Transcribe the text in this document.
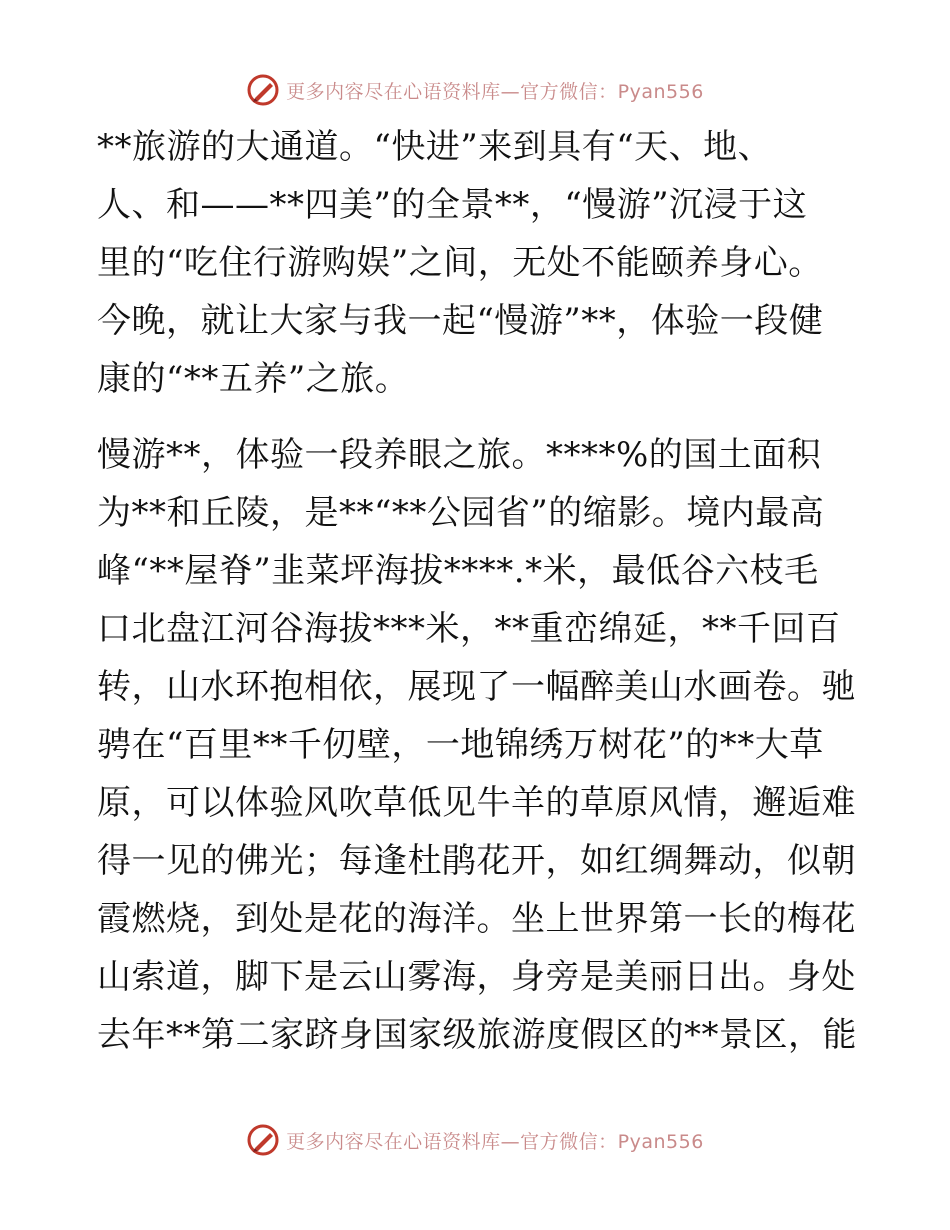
更多内容尽在心语资料库—官方微信：Pyan556

**旅游的大通道。“快进”来到具有“天、地、
人、和——**四美”的全景**，“慢游”沉浸于这
里的“吃住行游购娱”之间，无处不能颐养身心。
今晚，就让大家与我一起“慢游”**，体验一段健
康的“**五养”之旅。

慢游**，体验一段养眼之旅。****%的国土面积
为**和丘陵，是**“**公园省”的缩影。境内最高
峰“**屋脊”韭菜坪海拔****.*米，最低谷六枝毛
口北盘江河谷海拔***米，**重峦绵延，**千回百
转，山水环抱相依，展现了一幅醉美山水画卷。驰
骋在“百里**千仞壁，一地锦绣万树花”的**大草
原，可以体验风吹草低见牛羊的草原风情，邂逅难
得一见的佛光；每逢杜鹃花开，如红绸舞动，似朝
霞燃烧，到处是花的海洋。坐上世界第一长的梅花
山索道，脚下是云山雾海，身旁是美丽日出。身处
去年**第二家跻身国家级旅游度假区的**景区，能

更多内容尽在心语资料库—官方微信：Pyan556
